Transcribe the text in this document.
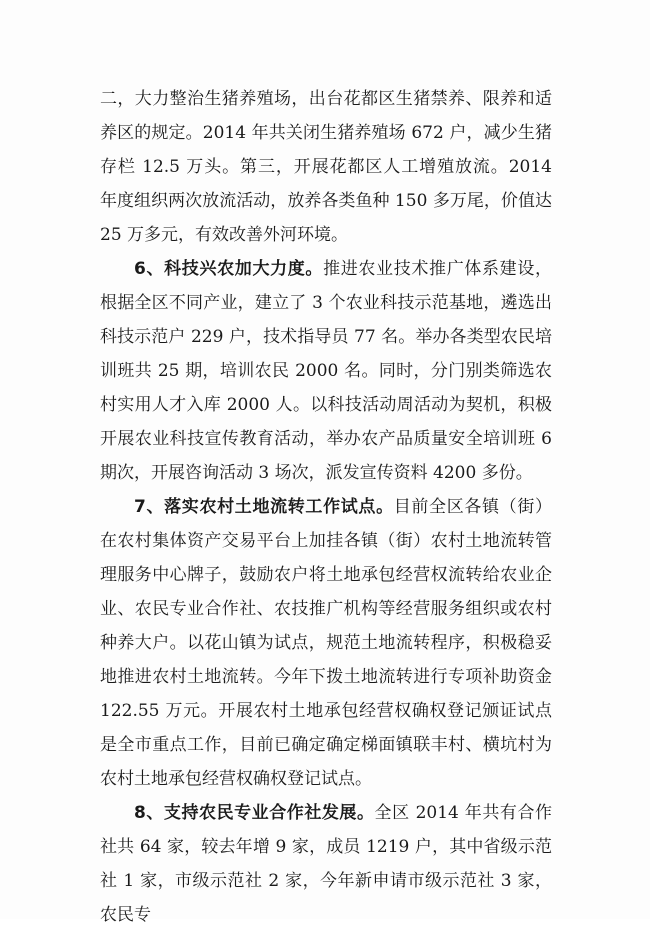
二，大力整治生猪养殖场，出台花都区生猪禁养、限养和适养区的规定。2014 年共关闭生猪养殖场 672 户，减少生猪存栏 12.5 万头。第三，开展花都区人工增殖放流。2014 年度组织两次放流活动，放养各类鱼种 150 多万尾，价值达 25 万多元，有效改善外河环境。

6、科技兴农加大力度。推进农业技术推广体系建设，根据全区不同产业，建立了 3 个农业科技示范基地，遴选出科技示范户 229 户，技术指导员 77 名。举办各类型农民培训班共 25 期，培训农民 2000 名。同时，分门别类筛选农村实用人才入库 2000 人。以科技活动周活动为契机，积极开展农业科技宣传教育活动，举办农产品质量安全培训班 6 期次，开展咨询活动 3 场次，派发宣传资料 4200 多份。

7、落实农村土地流转工作试点。目前全区各镇（街）在农村集体资产交易平台上加挂各镇（街）农村土地流转管理服务中心牌子，鼓励农户将土地承包经营权流转给农业企业、农民专业合作社、农技推广机构等经营服务组织或农村种养大户。以花山镇为试点，规范土地流转程序，积极稳妥地推进农村土地流转。今年下拨土地流转进行专项补助资金 122.55 万元。开展农村土地承包经营权确权登记颁证试点是全市重点工作，目前已确定确定梯面镇联丰村、横坑村为农村土地承包经营权确权登记试点。

8、支持农民专业合作社发展。全区 2014 年共有合作社共 64 家，较去年增 9 家，成员 1219 户，其中省级示范社 1 家，市级示范社 2 家，今年新申请市级示范社 3 家，农民专
